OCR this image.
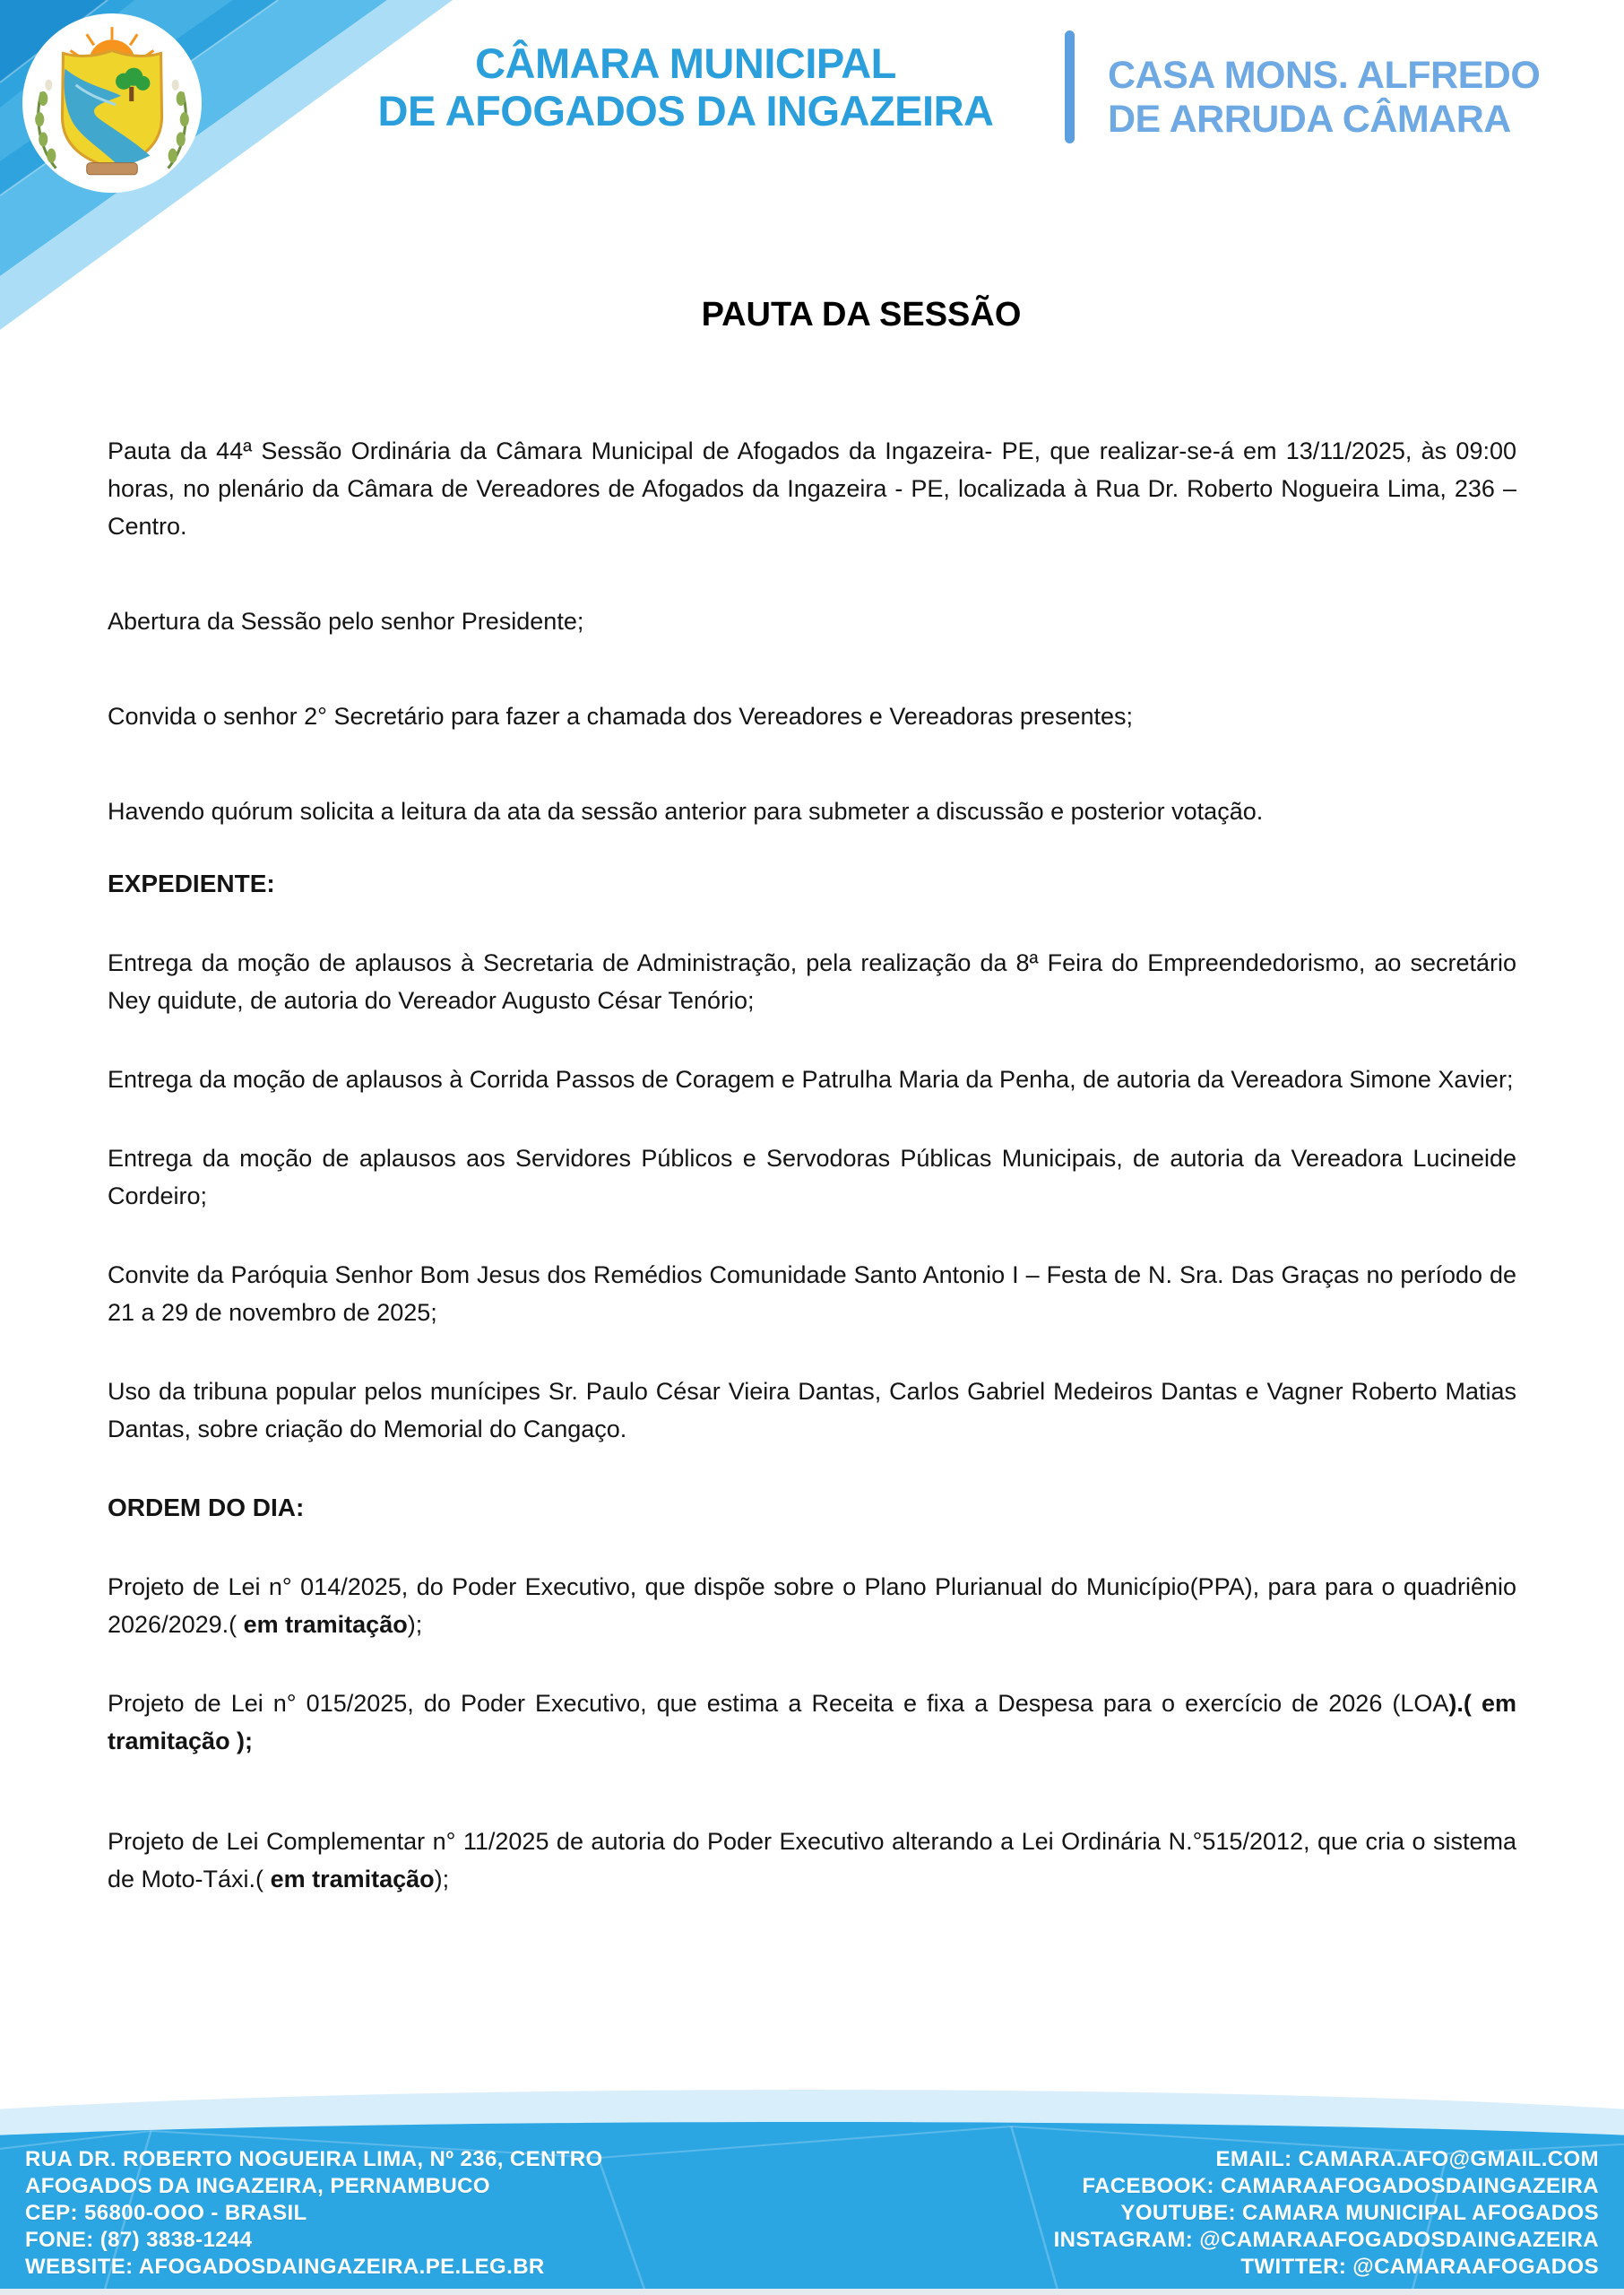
CÂMARA MUNICIPAL
DE AFOGADOS DA INGAZEIRA
CASA MONS. ALFREDO
DE ARRUDA CÂMARA
PAUTA DA SESSÃO

Pauta da 44ª Sessão Ordinária da Câmara Municipal de Afogados da Ingazeira- PE, que realizar-se-á em 13/11/2025, às 09:00 horas, no plenário da Câmara de Vereadores de Afogados da Ingazeira - PE, localizada à Rua Dr. Roberto Nogueira Lima, 236 – Centro.

Abertura da Sessão pelo senhor Presidente;

Convida o senhor 2° Secretário para fazer a chamada dos Vereadores e Vereadoras presentes;

Havendo quórum solicita a leitura da ata da sessão anterior para submeter a discussão e posterior votação.

EXPEDIENTE:

Entrega da moção de aplausos à Secretaria de Administração, pela realização da 8ª Feira do Empreendedorismo, ao secretário Ney quidute, de autoria do Vereador Augusto César Tenório;

Entrega da moção de aplausos à Corrida Passos de Coragem e Patrulha Maria da Penha, de autoria da Vereadora Simone Xavier;

Entrega da moção de aplausos aos Servidores Públicos e Servodoras Públicas Municipais, de autoria da Vereadora Lucineide Cordeiro;

Convite da Paróquia Senhor Bom Jesus dos Remédios Comunidade Santo Antonio I – Festa de N. Sra. Das Graças no período de 21 a 29 de novembro de 2025;

Uso da tribuna popular pelos munícipes Sr. Paulo César Vieira Dantas, Carlos Gabriel Medeiros Dantas e Vagner Roberto Matias Dantas, sobre criação do Memorial do Cangaço.

ORDEM DO DIA:

Projeto de Lei n° 014/2025, do Poder Executivo, que dispõe sobre o Plano Plurianual do Município(PPA), para para o quadriênio 2026/2029.( em tramitação);

Projeto de Lei n° 015/2025, do Poder Executivo, que estima a Receita e fixa a Despesa para o exercício de 2026 (LOA).( em tramitação );

Projeto de Lei Complementar n° 11/2025 de autoria do Poder Executivo alterando a Lei Ordinária N.°515/2012, que cria o sistema de Moto-Táxi.( em tramitação);

RUA DR. ROBERTO NOGUEIRA LIMA, Nº 236, CENTRO
AFOGADOS DA INGAZEIRA, PERNAMBUCO
CEP: 56800-OOO - BRASIL
FONE: (87) 3838-1244
WEBSITE: AFOGADOSDAINGAZEIRA.PE.LEG.BR
EMAIL: CAMARA.AFO@GMAIL.COM
FACEBOOK: CAMARAAFOGADOSDAINGAZEIRA
YOUTUBE: CAMARA MUNICIPAL AFOGADOS
INSTAGRAM: @CAMARAAFOGADOSDAINGAZEIRA
TWITTER: @CAMARAAFOGADOS
